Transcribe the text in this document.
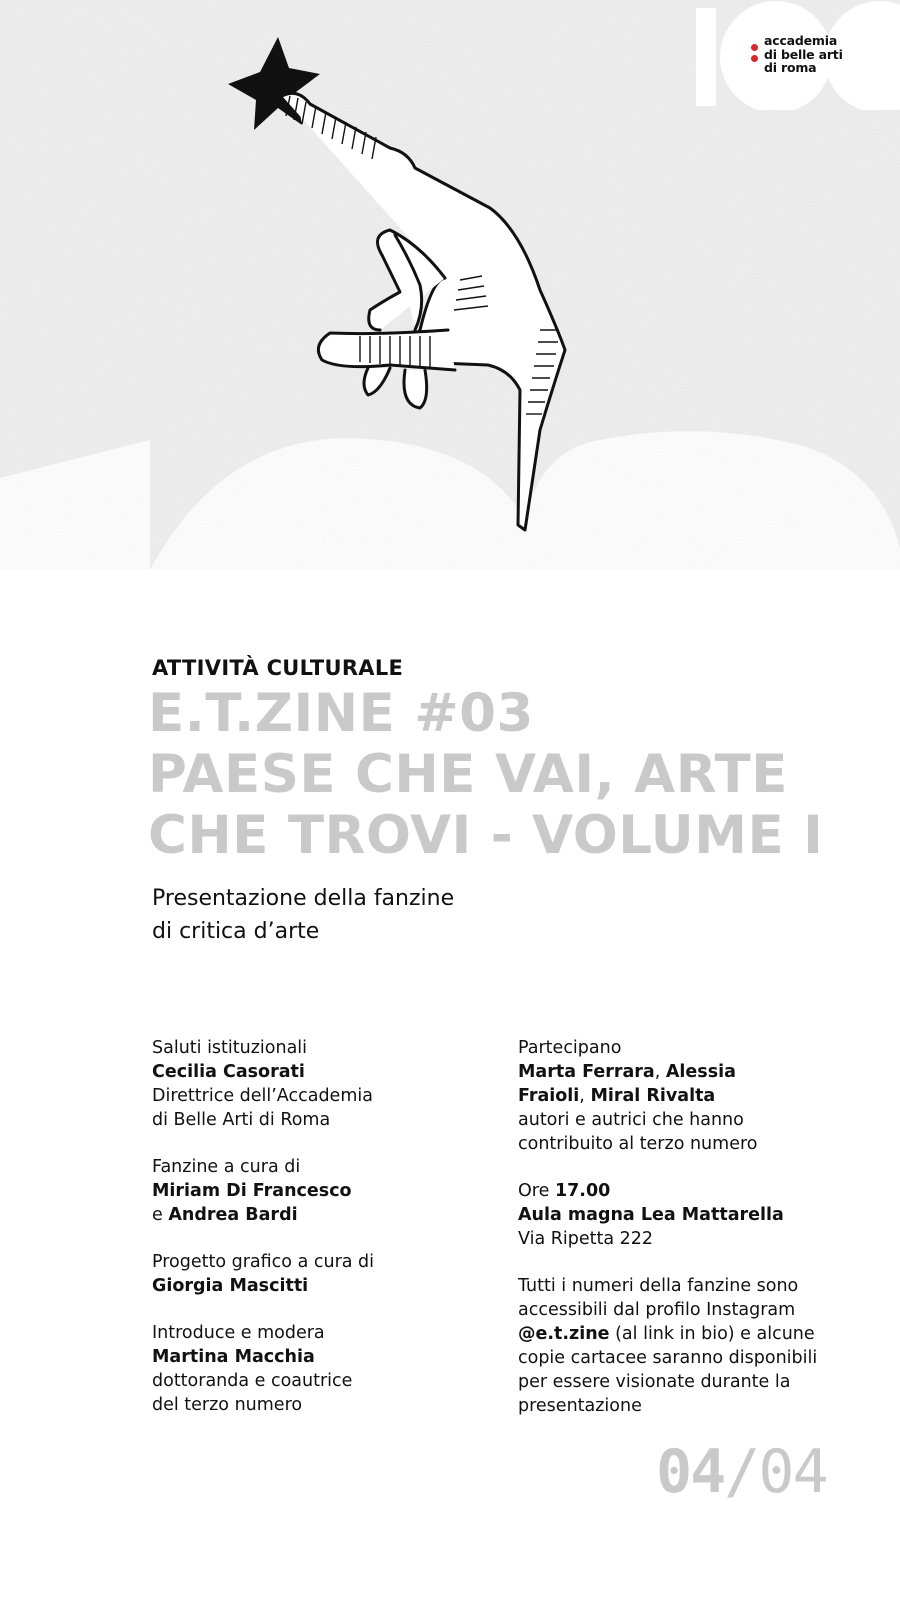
accademia
di belle arti
di roma
ATTIVITÀ CULTURALE
E.T.ZINE #03
PAESE CHE VAI, ARTE
CHE TROVI - VOLUME I
Presentazione della fanzine
di critica d’arte

Saluti istituzionali

Cecilia Casorati

Direttrice dell’Accademia

di Belle Arti di Roma

Fanzine a cura di

Miriam Di Francesco

e Andrea Bardi

Progetto grafico a cura di

Giorgia Mascitti

Introduce e modera

Martina Macchia

dottoranda e coautrice

del terzo numero

Partecipano

Marta Ferrara, Alessia

Fraioli, Miral Rivalta

autori e autrici che hanno

contribuito al terzo numero

Ore 17.00

Aula magna Lea Mattarella

Via Ripetta 222

Tutti i numeri della fanzine sono

accessibili dal profilo Instagram

@e.t.zine (al link in bio) e alcune

copie cartacee saranno disponibili

per essere visionate durante la

presentazione

04/04
